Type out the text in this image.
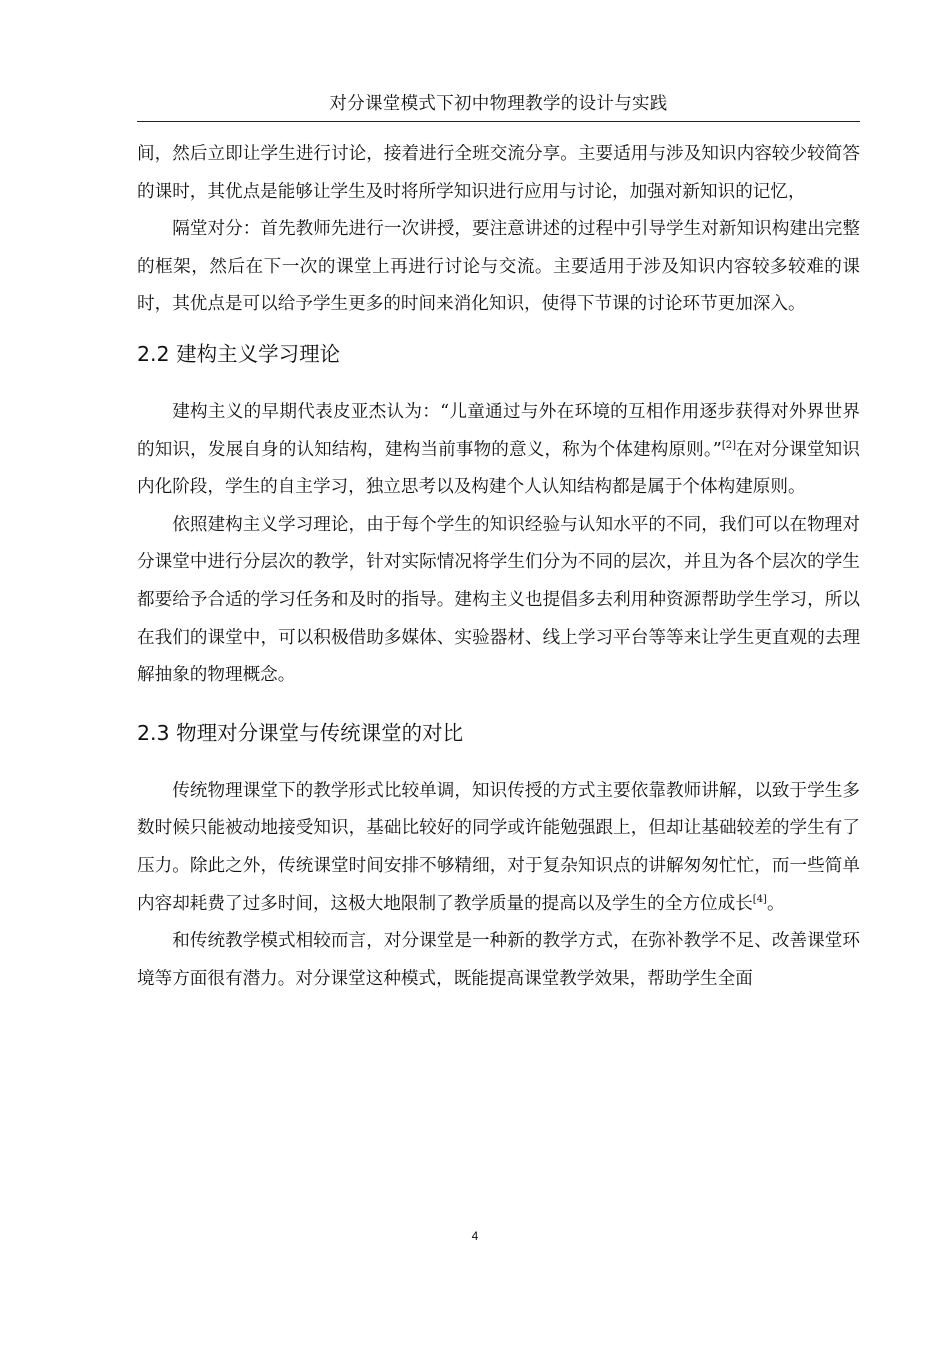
对分课堂模式下初中物理教学的设计与实践

间，然后立即让学生进行讨论，接着进行全班交流分享。主要适用与涉及知识内容较少较简答的课时，其优点是能够让学生及时将所学知识进行应用与讨论，加强对新知识的记忆，

隔堂对分：首先教师先进行一次讲授，要注意讲述的过程中引导学生对新知识构建出完整的框架，然后在下一次的课堂上再进行讨论与交流。主要适用于涉及知识内容较多较难的课时，其优点是可以给予学生更多的时间来消化知识，使得下节课的讨论环节更加深入。

2.2 建构主义学习理论

建构主义的早期代表皮亚杰认为：“儿童通过与外在环境的互相作用逐步获得对外界世界的知识，发展自身的认知结构，建构当前事物的意义，称为个体建构原则。”[2]在对分课堂知识内化阶段，学生的自主学习，独立思考以及构建个人认知结构都是属于个体构建原则。

依照建构主义学习理论，由于每个学生的知识经验与认知水平的不同，我们可以在物理对分课堂中进行分层次的教学，针对实际情况将学生们分为不同的层次，并且为各个层次的学生都要给予合适的学习任务和及时的指导。建构主义也提倡多去利用种资源帮助学生学习，所以在我们的课堂中，可以积极借助多媒体、实验器材、线上学习平台等等来让学生更直观的去理解抽象的物理概念。

2.3 物理对分课堂与传统课堂的对比

传统物理课堂下的教学形式比较单调，知识传授的方式主要依靠教师讲解，以致于学生多数时候只能被动地接受知识，基础比较好的同学或许能勉强跟上，但却让基础较差的学生有了压力。除此之外，传统课堂时间安排不够精细，对于复杂知识点的讲解匆匆忙忙，而一些简单内容却耗费了过多时间，这极大地限制了教学质量的提高以及学生的全方位成长[4]。

和传统教学模式相较而言，对分课堂是一种新的教学方式，在弥补教学不足、改善课堂环境等方面很有潜力。对分课堂这种模式，既能提高课堂教学效果，帮助学生全面

4
